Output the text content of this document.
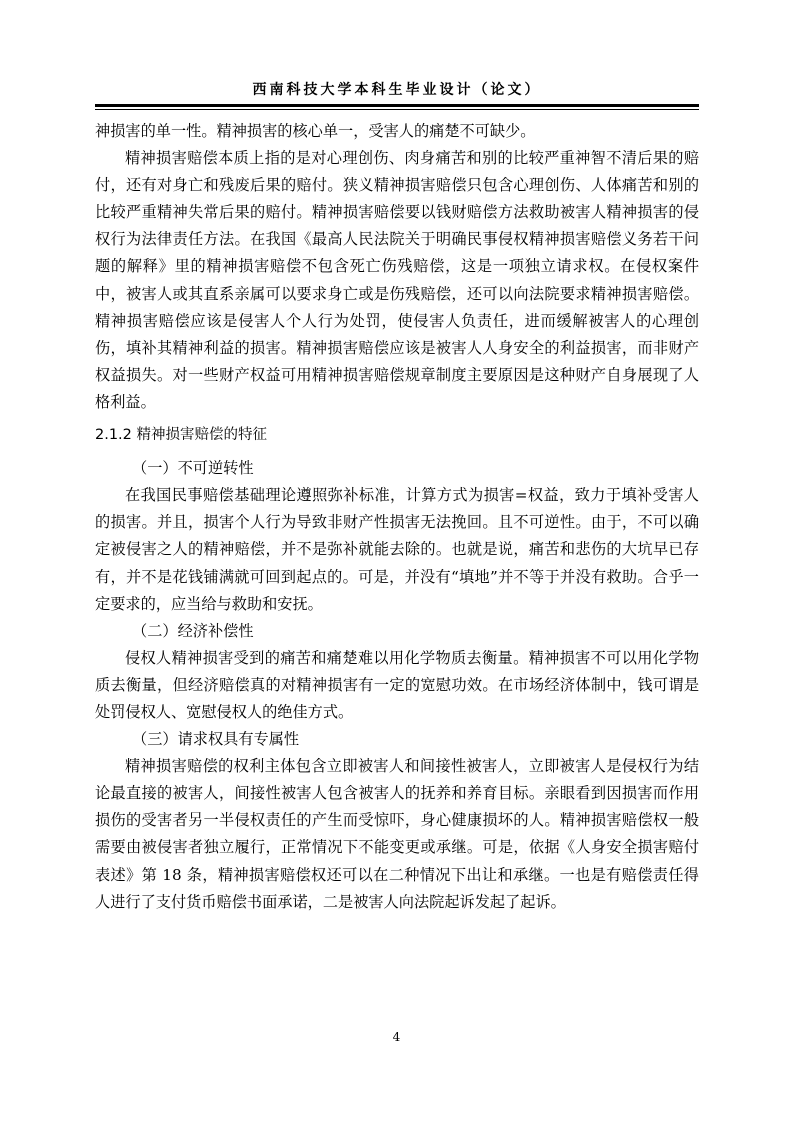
西南科技大学本科生毕业设计（论文）

神损害的单一性。精神损害的核心单一，受害人的痛楚不可缺少。

精神损害赔偿本质上指的是对心理创伤、肉身痛苦和别的比较严重神智不清后果的赔付，还有对身亡和残废后果的赔付。狭义精神损害赔偿只包含心理创伤、人体痛苦和别的比较严重精神失常后果的赔付。精神损害赔偿要以钱财赔偿方法救助被害人精神损害的侵权行为法律责任方法。在我国《最高人民法院关于明确民事侵权精神损害赔偿义务若干问题的解释》里的精神损害赔偿不包含死亡伤残赔偿，这是一项独立请求权。在侵权案件中，被害人或其直系亲属可以要求身亡或是伤残赔偿，还可以向法院要求精神损害赔偿。精神损害赔偿应该是侵害人个人行为处罚，使侵害人负责任，进而缓解被害人的心理创伤，填补其精神利益的损害。精神损害赔偿应该是被害人人身安全的利益损害，而非财产权益损失。对一些财产权益可用精神损害赔偿规章制度主要原因是这种财产自身展现了人格利益。

2.1.2 精神损害赔偿的特征

（一）不可逆转性

在我国民事赔偿基础理论遵照弥补标准，计算方式为损害=权益，致力于填补受害人的损害。并且，损害个人行为导致非财产性损害无法挽回。且不可逆性。由于，不可以确定被侵害之人的精神赔偿，并不是弥补就能去除的。也就是说，痛苦和悲伤的大坑早已存有，并不是花钱铺满就可回到起点的。可是，并没有“填地”并不等于并没有救助。合乎一定要求的，应当给与救助和安抚。

（二）经济补偿性

侵权人精神损害受到的痛苦和痛楚难以用化学物质去衡量。精神损害不可以用化学物质去衡量，但经济赔偿真的对精神损害有一定的宽慰功效。在市场经济体制中，钱可谓是处罚侵权人、宽慰侵权人的绝佳方式。

（三）请求权具有专属性

精神损害赔偿的权利主体包含立即被害人和间接性被害人，立即被害人是侵权行为结论最直接的被害人，间接性被害人包含被害人的抚养和养育目标。亲眼看到因损害而作用损伤的受害者另一半侵权责任的产生而受惊吓，身心健康损坏的人。精神损害赔偿权一般需要由被侵害者独立履行，正常情况下不能变更或承继。可是，依据《人身安全损害赔付表述》第 18 条，精神损害赔偿权还可以在二种情况下出让和承继。一也是有赔偿责任得人进行了支付货币赔偿书面承诺，二是被害人向法院起诉发起了起诉。

4
